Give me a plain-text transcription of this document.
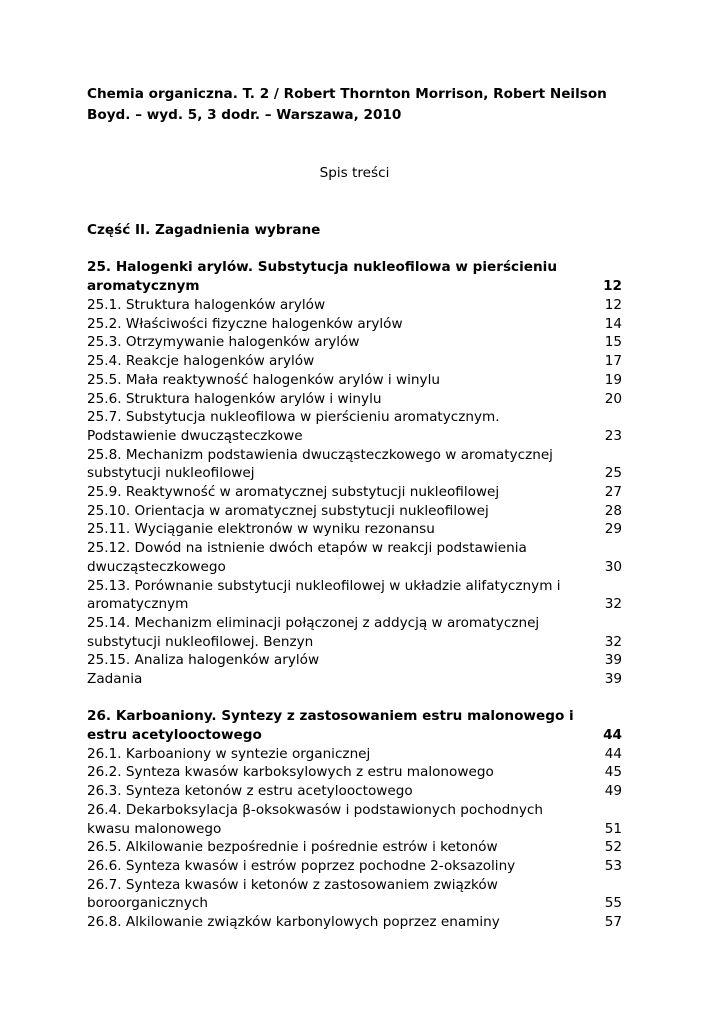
Chemia organiczna. T. 2 / Robert Thornton Morrison, Robert Neilson Boyd. – wyd. 5, 3 dodr. – Warszawa, 2010

Spis treści
Część II. Zagadnienia wybrane
25. Halogenki arylów. Substytucja nukleofilowa w pierścieniu aromatycznym	12
25.1. Struktura halogenków arylów	12
25.2. Właściwości fizyczne halogenków arylów	14
25.3. Otrzymywanie halogenków arylów	15
25.4. Reakcje halogenków arylów	17
25.5. Mała reaktywność halogenków arylów i winylu	19
25.6. Struktura halogenków arylów i winylu	20
25.7. Substytucja nukleofilowa w pierścieniu aromatycznym. Podstawienie dwucząsteczkowe	23
25.8. Mechanizm podstawienia dwucząsteczkowego w aromatycznej substytucji nukleofilowej	25
25.9. Reaktywność w aromatycznej substytucji nukleofilowej	27
25.10. Orientacja w aromatycznej substytucji nukleofilowej	28
25.11. Wyciąganie elektronów w wyniku rezonansu	29
25.12. Dowód na istnienie dwóch etapów w reakcji podstawienia dwucząsteczkowego	30
25.13. Porównanie substytucji nukleofilowej w układzie alifatycznym i aromatycznym	32
25.14. Mechanizm eliminacji połączonej z addycją w aromatycznej substytucji nukleofilowej. Benzyn	32
25.15. Analiza halogenków arylów	39
Zadania	39
26. Karboaniony. Syntezy z zastosowaniem estru malonowego i estru acetylooctowego	44
26.1. Karboaniony w syntezie organicznej	44
26.2. Synteza kwasów karboksylowych z estru malonowego	45
26.3. Synteza ketonów z estru acetylooctowego	49
26.4. Dekarboksylacja β-oksokwasów i podstawionych pochodnych kwasu malonowego	51
26.5. Alkilowanie bezpośrednie i pośrednie estrów i ketonów	52
26.6. Synteza kwasów i estrów poprzez pochodne 2-oksazoliny	53
26.7. Synteza kwasów i ketonów z zastosowaniem związków boroorganicznych	55
26.8. Alkilowanie związków karbonylowych poprzez enaminy	57
